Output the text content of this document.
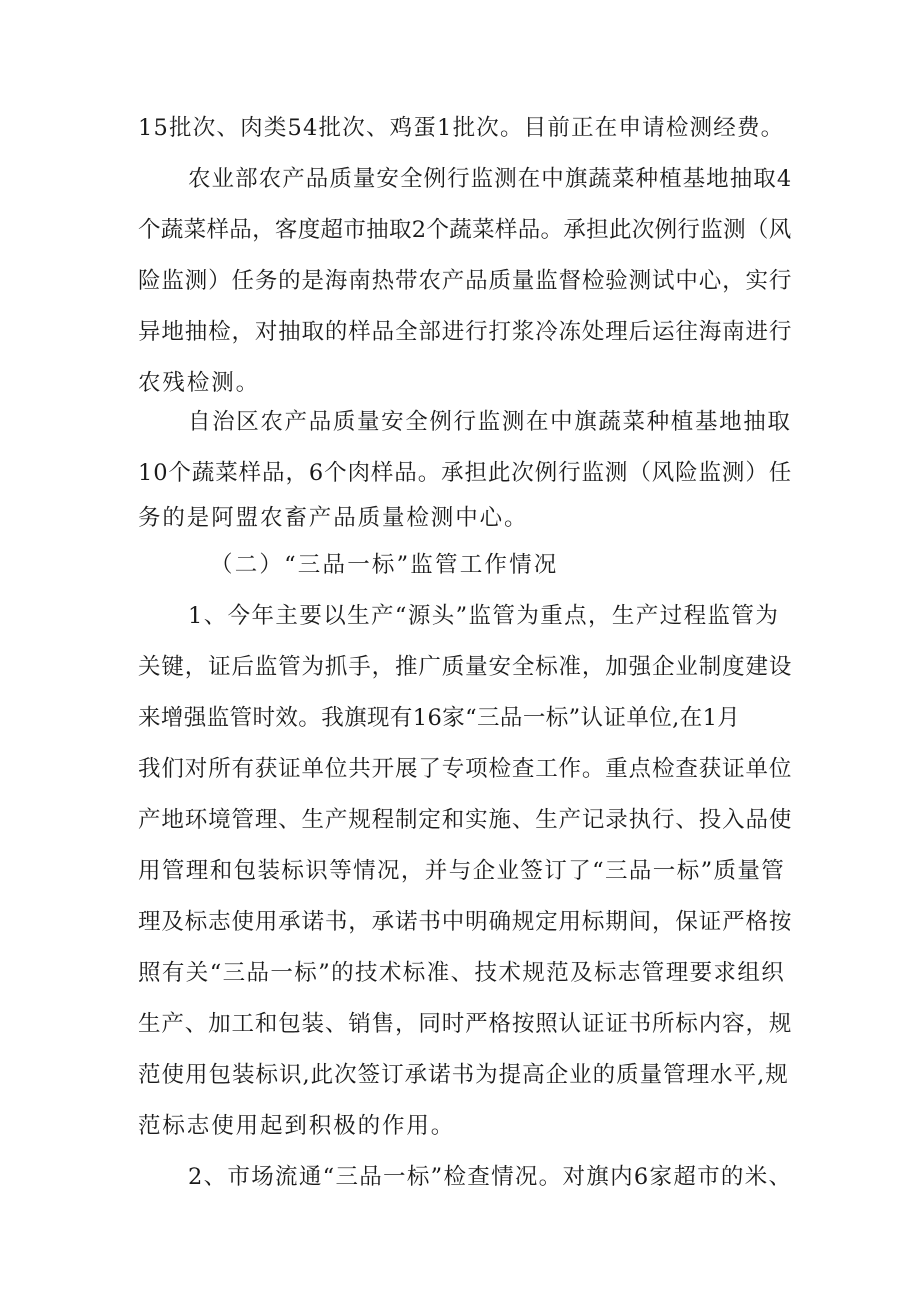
15批次、肉类54批次、鸡蛋1批次。目前正在申请检测经费。
农业部农产品质量安全例行监测在中旗蔬菜种植基地抽取4
个蔬菜样品，客度超市抽取2个蔬菜样品。承担此次例行监测（风
险监测）任务的是海南热带农产品质量监督检验测试中心，实行
异地抽检，对抽取的样品全部进行打浆冷冻处理后运往海南进行
农残检测。
自治区农产品质量安全例行监测在中旗蔬菜种植基地抽取
10个蔬菜样品，6个肉样品。承担此次例行监测（风险监测）任
务的是阿盟农畜产品质量检测中心。
（二）“三品一标”监管工作情况
1、今年主要以生产“源头”监管为重点，生产过程监管为
关键，证后监管为抓手，推广质量安全标准，加强企业制度建设
来增强监管时效。我旗现有16家“三品一标”认证单位,在1月
我们对所有获证单位共开展了专项检查工作。重点检查获证单位
产地环境管理、生产规程制定和实施、生产记录执行、投入品使
用管理和包装标识等情况，并与企业签订了“三品一标”质量管
理及标志使用承诺书，承诺书中明确规定用标期间，保证严格按
照有关“三品一标”的技术标准、技术规范及标志管理要求组织
生产、加工和包装、销售，同时严格按照认证证书所标内容，规
范使用包装标识,此次签订承诺书为提高企业的质量管理水平,规
范标志使用起到积极的作用。
2、市场流通“三品一标”检查情况。对旗内6家超市的米、
